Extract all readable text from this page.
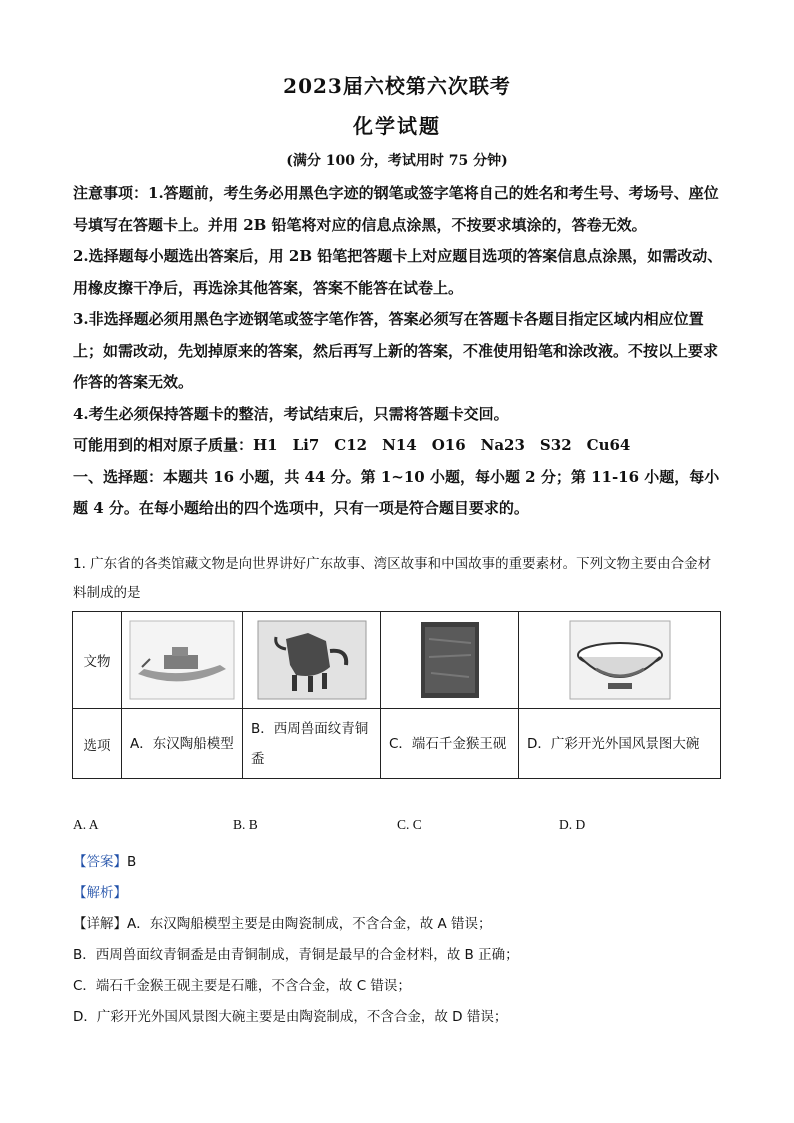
2023届六校第六次联考
化学试题
(满分 100 分，考试用时 75 分钟)

注意事项：1.答题前，考生务必用黑色字迹的钢笔或签字笔将自己的姓名和考生号、考场号、座位号填写在答题卡上。并用 2B 铅笔将对应的信息点涂黑，不按要求填涂的，答卷无效。

2.选择题每小题选出答案后，用 2B 铅笔把答题卡上对应题目选项的答案信息点涂黑，如需改动、用橡皮擦干净后，再选涂其他答案，答案不能答在试卷上。

3.非选择题必须用黑色字迹钢笔或签字笔作答，答案必须写在答题卡各题目指定区域内相应位置上；如需改动，先划掉原来的答案，然后再写上新的答案，不准使用铅笔和涂改液。不按以上要求作答的答案无效。

4.考生必须保持答题卡的整洁，考试结束后，只需将答题卡交回。

可能用到的相对原子质量：H1　Li7　C12　N14　O16　Na23　S32　Cu64

一、选择题：本题共 16 小题，共 44 分。第 1~10 小题，每小题 2 分；第 11-16 小题，每小题 4 分。在每小题给出的四个选项中，只有一项是符合题目要求的。

1. 广东省的各类馆藏文物是向世界讲好广东故事、湾区故事和中国故事的重要素材。下列文物主要由合金材料制成的是

文物	

选项	A．东汉陶船模型	B．西周兽面纹青铜盉	C．端石千金猴王砚	D．广彩开光外国风景图大碗
A. A	B. B	C. C	D. D
【答案】B
【解析】
【详解】A．东汉陶船模型主要是由陶瓷制成，不含合金，故 A 错误；
B．西周兽面纹青铜盉是由青铜制成，青铜是最早的合金材料，故 B 正确；
C．端石千金猴王砚主要是石雕，不含合金，故 C 错误；
D．广彩开光外国风景图大碗主要是由陶瓷制成，不含合金，故 D 错误；
